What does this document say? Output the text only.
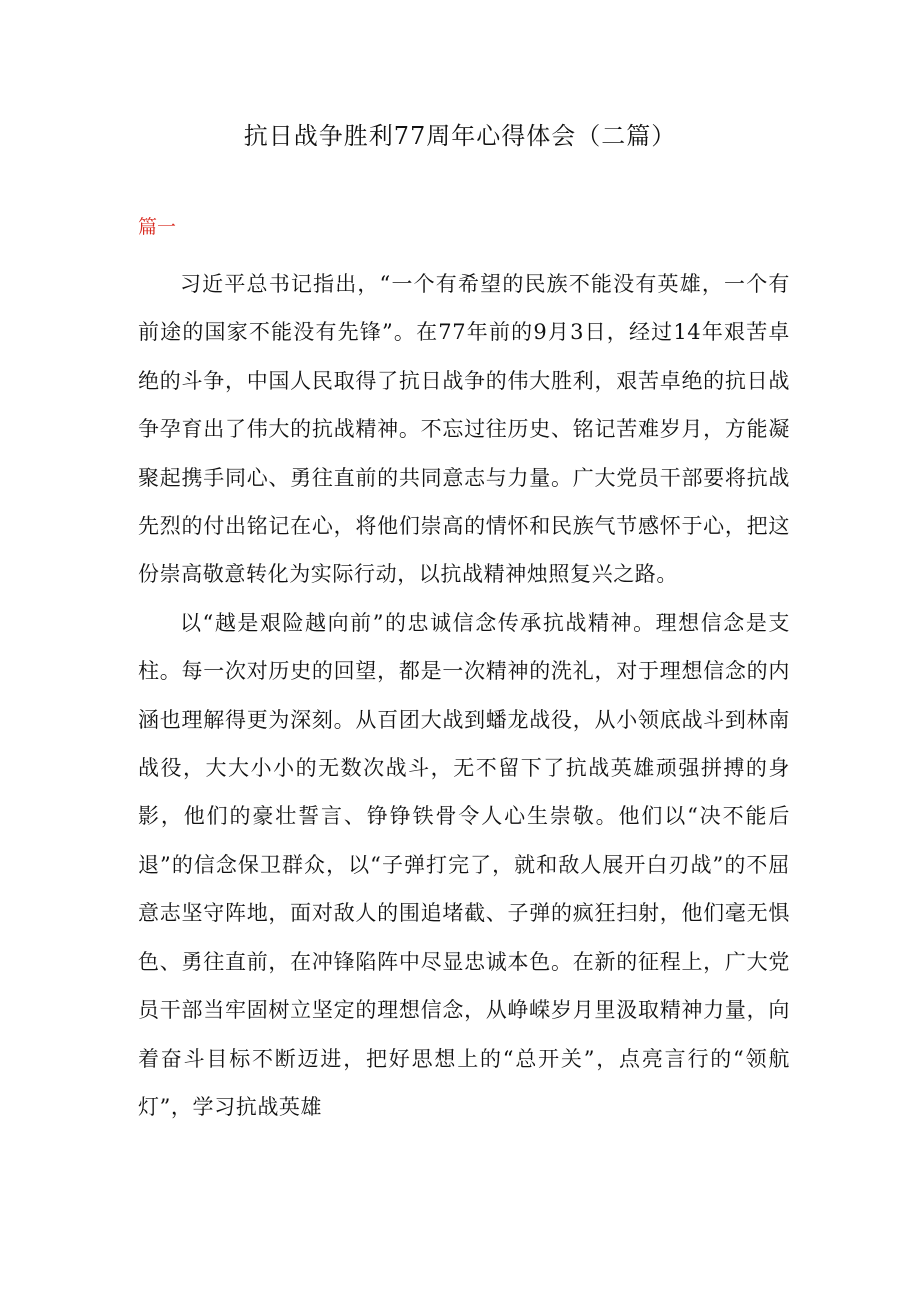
抗日战争胜利77周年心得体会（二篇）
篇一

习近平总书记指出，“一个有希望的民族不能没有英雄，一个有前途的国家不能没有先锋”。在77年前的9月3日，经过14年艰苦卓绝的斗争，中国人民取得了抗日战争的伟大胜利，艰苦卓绝的抗日战争孕育出了伟大的抗战精神。不忘过往历史、铭记苦难岁月，方能凝聚起携手同心、勇往直前的共同意志与力量。广大党员干部要将抗战先烈的付出铭记在心，将他们崇高的情怀和民族气节感怀于心，把这份崇高敬意转化为实际行动，以抗战精神烛照复兴之路。

以“越是艰险越向前”的忠诚信念传承抗战精神。理想信念是支柱。每一次对历史的回望，都是一次精神的洗礼，对于理想信念的内涵也理解得更为深刻。从百团大战到蟠龙战役，从小领底战斗到林南战役，大大小小的无数次战斗，无不留下了抗战英雄顽强拼搏的身影，他们的豪壮誓言、铮铮铁骨令人心生崇敬。他们以“决不能后退”的信念保卫群众，以“子弹打完了，就和敌人展开白刃战”的不屈意志坚守阵地，面对敌人的围追堵截、子弹的疯狂扫射，他们毫无惧色、勇往直前，在冲锋陷阵中尽显忠诚本色。在新的征程上，广大党员干部当牢固树立坚定的理想信念，从峥嵘岁月里汲取精神力量，向着奋斗目标不断迈进，把好思想上的“总开关”，点亮言行的“领航灯”，学习抗战英雄
